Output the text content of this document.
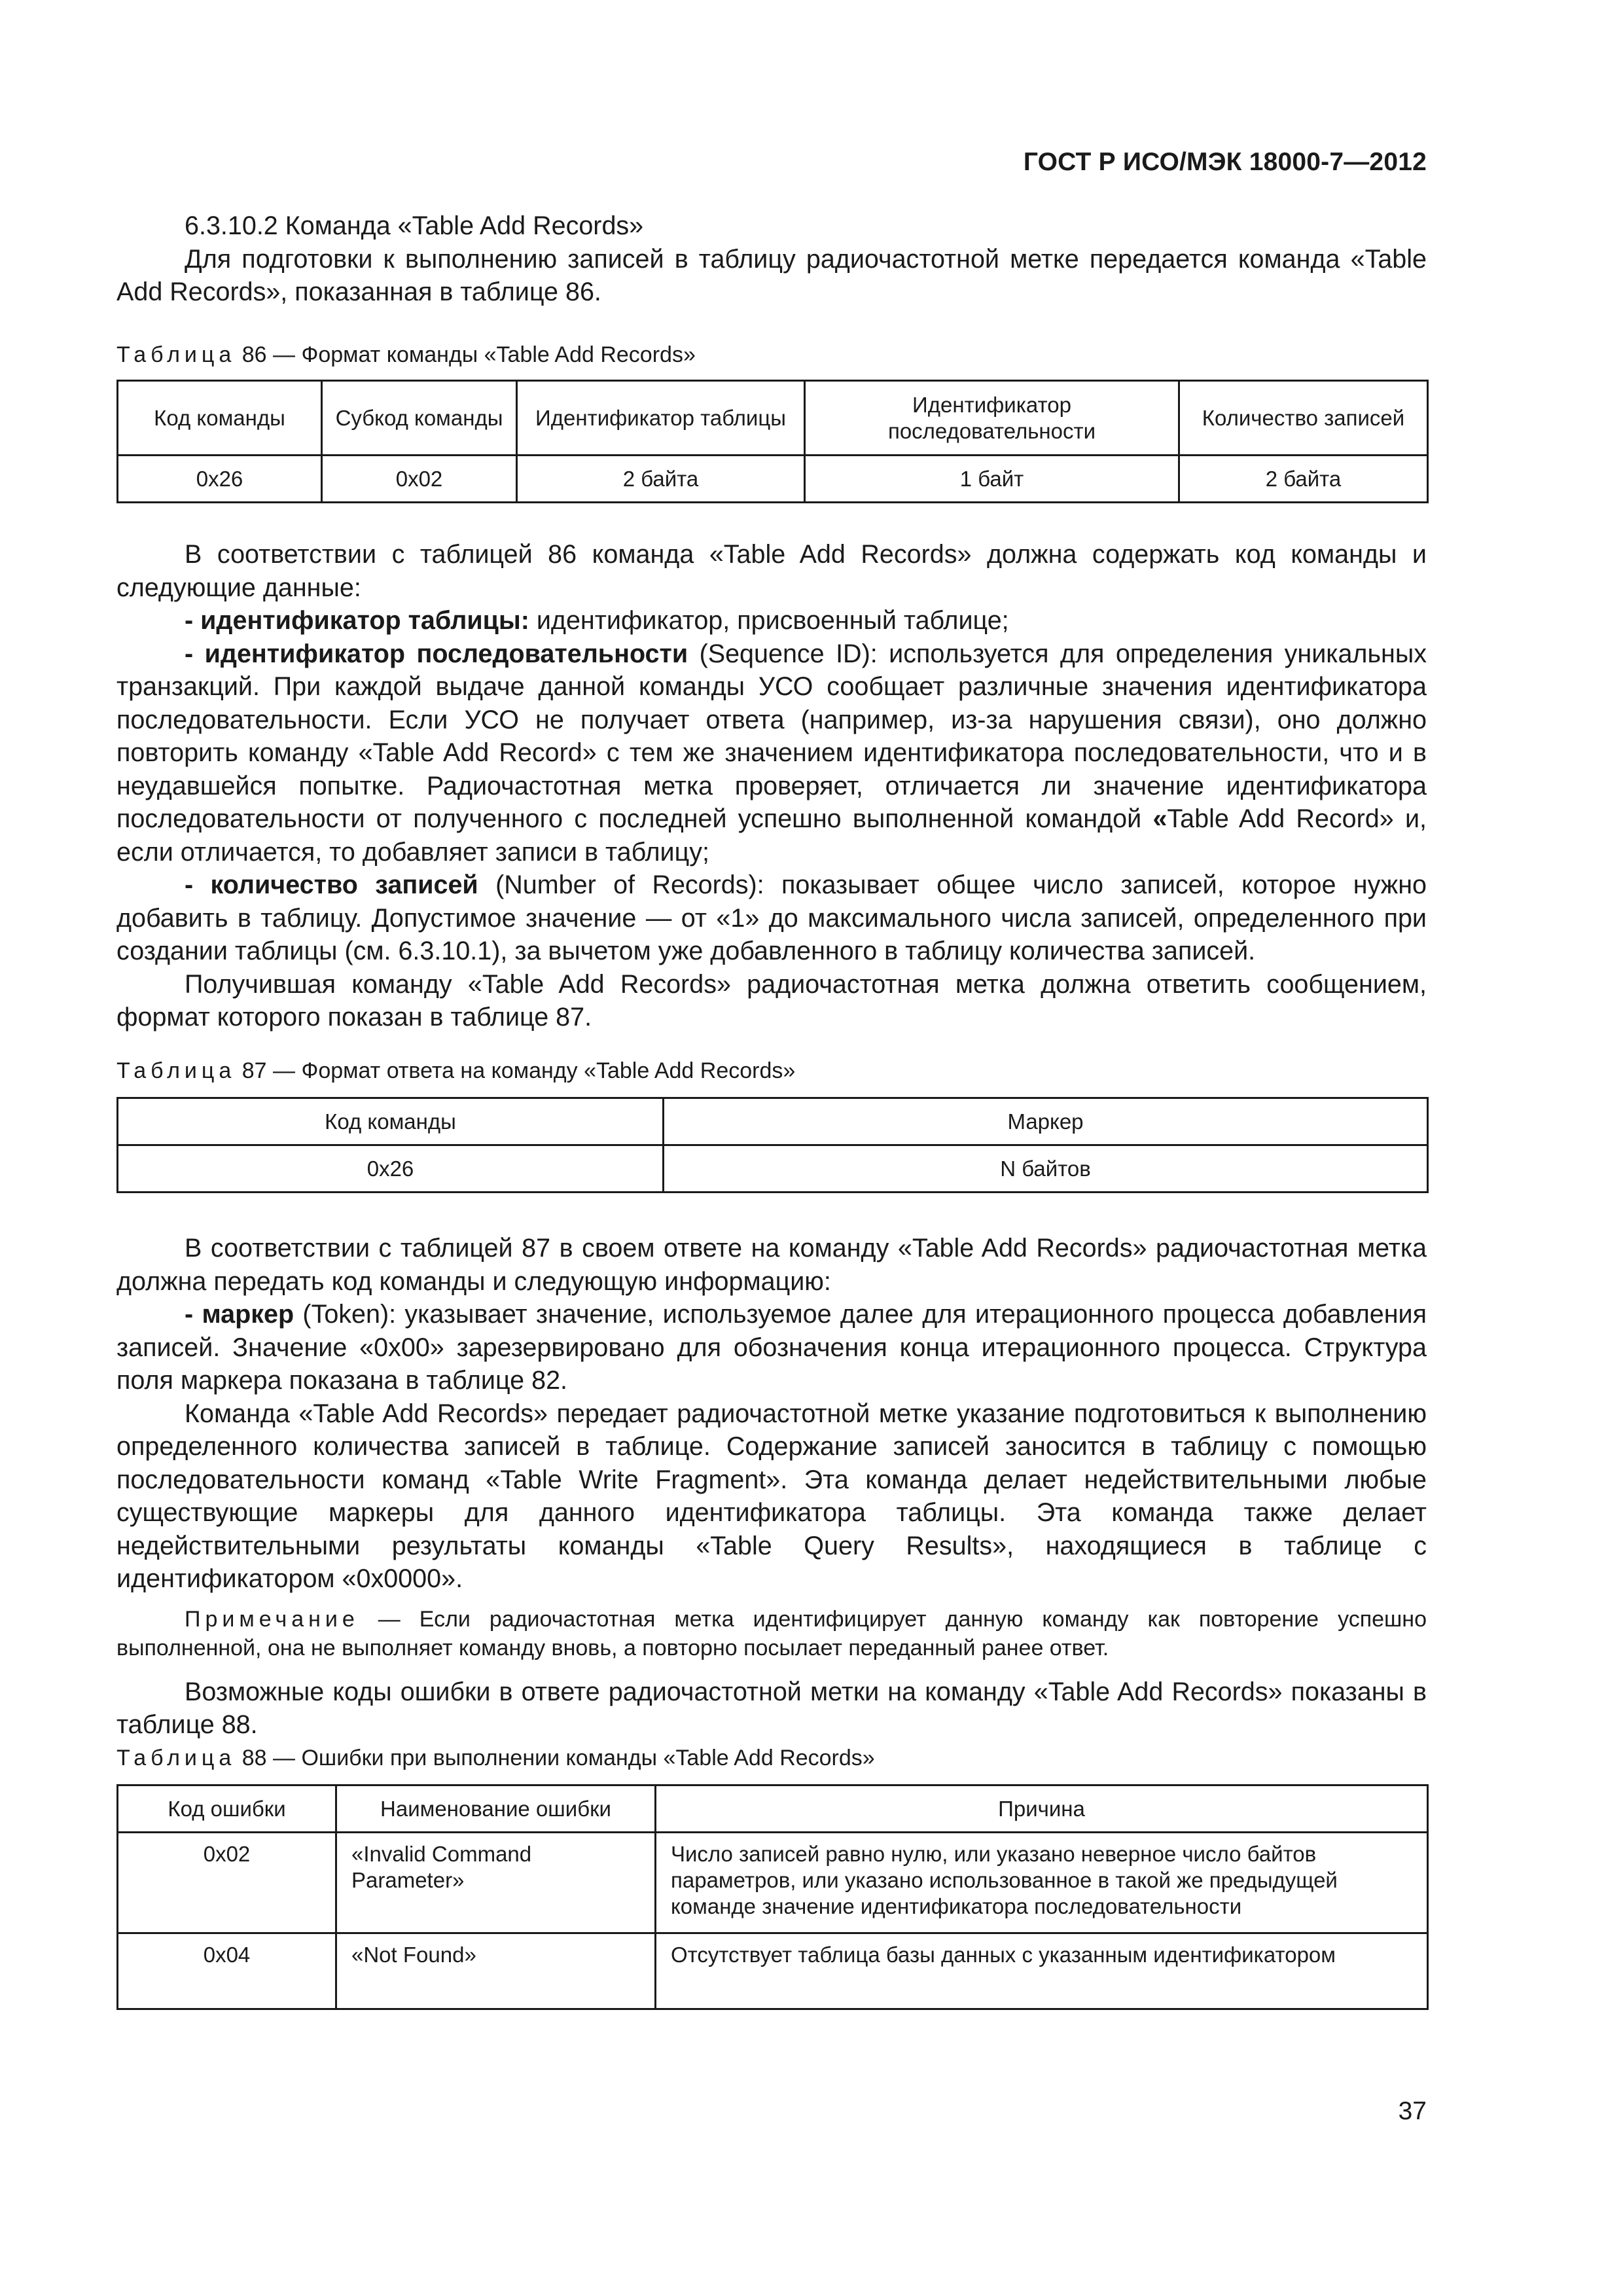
ГОСТ Р ИСО/МЭК 18000-7—2012

6.3.10.2 Команда «Table Add Records»

Для подготовки к выполнению записей в таблицу радиочастотной метке передается команда «Table Add Records», показанная в таблице 86.

Таблица 86 — Формат команды «Table Add Records»

Код команды	Субкод команды	Идентификатор таблицы	Идентификатор последовательности	Количество записей
0x26	0x02	2 байта	1 байт	2 байта

В соответствии с таблицей 86 команда «Table Add Records» должна содержать код команды и следующие данные:

- идентификатор таблицы: идентификатор, присвоенный таблице;

- идентификатор последовательности (Sequence ID): используется для определения уникальных транзакций. При каждой выдаче данной команды УСО сообщает различные значения идентификатора последовательности. Если УСО не получает ответа (например, из-за нарушения связи), оно должно повторить команду «Table Add Record» с тем же значением идентификатора последовательности, что и в неудавшейся попытке. Радиочастотная метка проверяет, отличается ли значение идентификатора последовательности от полученного с последней успешно выполненной командой «Table Add Record» и, если отличается, то добавляет записи в таблицу;

- количество записей (Number of Records): показывает общее число записей, которое нужно добавить в таблицу. Допустимое значение — от «1» до максимального числа записей, определенного при создании таблицы (см. 6.3.10.1), за вычетом уже добавленного в таблицу количества записей.

Получившая команду «Table Add Records» радиочастотная метка должна ответить сообщением, формат которого показан в таблице 87.

Таблица 87 — Формат ответа на команду «Table Add Records»

Код команды	Маркер
0x26	N байтов

В соответствии с таблицей 87 в своем ответе на команду «Table Add Records» радиочастотная метка должна передать код команды и следующую информацию:

- маркер (Token): указывает значение, используемое далее для итерационного процесса добавления записей. Значение «0x00» зарезервировано для обозначения конца итерационного процесса. Структура поля маркера показана в таблице 82.

Команда «Table Add Records» передает радиочастотной метке указание подготовиться к выполнению определенного количества записей в таблице. Содержание записей заносится в таблицу с помощью последовательности команд «Table Write Fragment». Эта команда делает недействительными любые существующие маркеры для данного идентификатора таблицы. Эта команда также делает недействительными результаты команды «Table Query Results», находящиеся в таблице с идентификатором «0x0000».

Примечание — Если радиочастотная метка идентифицирует данную команду как повторение успешно выполненной, она не выполняет команду вновь, а повторно посылает переданный ранее ответ.

Возможные коды ошибки в ответе радиочастотной метки на команду «Table Add Records» показаны в таблице 88.

Таблица 88 — Ошибки при выполнении команды «Table Add Records»

Код ошибки	Наименование ошибки	Причина
0x02	«Invalid Command Parameter»	Число записей равно нулю, или указано неверное число байтов параметров, или указано использованное в такой же предыдущей команде значение идентификатора последовательности
0x04	«Not Found»	Отсутствует таблица базы данных с указанным идентификатором
37
